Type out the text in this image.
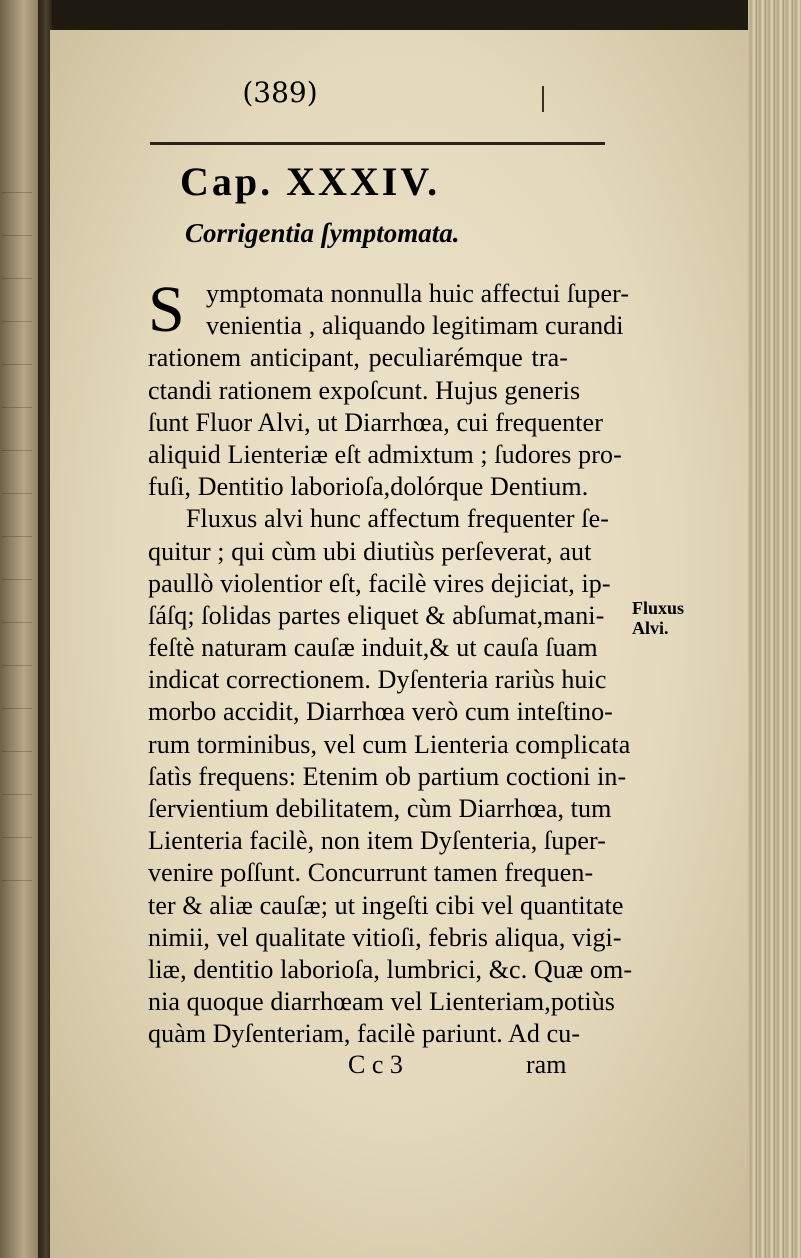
(389)
Cap. XXXIV.
Corrigentia ſymptomata.
Symptomata nonnulla huic affectui ſuper-
venientia , aliquando legitimam curandi
rationem anticipant, peculiarémque tra-
ctandi rationem expoſcunt. Hujus generis
ſunt Fluor Alvi, ut Diarrhœa, cui frequenter
aliquid Lienteriæ eſt admixtum ; ſudores pro-
fuſi, Dentitio laborioſa,dolórque Dentium.
Fluxus alvi hunc affectum frequenter ſe-
quitur ; qui cùm ubi diutiùs perſeverat, aut
paullò violentior eſt, facilè vires dejiciat, ip-
ſáſq; ſolidas partes eliquet & abſumat,mani-
feſtè naturam cauſæ induit,& ut cauſa ſuam
indicat correctionem. Dyſenteria rariùs huic
morbo accidit, Diarrhœa verò cum inteſtino-
rum torminibus, vel cum Lienteria complicata
ſatìs frequens: Etenim ob partium coctioni in-
ſervientium debilitatem, cùm Diarrhœa, tum
Lienteria facilè, non item Dyſenteria, ſuper-
venire poſſunt. Concurrunt tamen frequen-
ter & aliæ cauſæ; ut ingeſti cibi vel quantitate
nimii, vel qualitate vitioſi, febris aliqua, vigi-
liæ, dentitio laborioſa, lumbrici, &c. Quæ om-
nia quoque diarrhœam vel Lienteriam,potiùs
quàm Dyſenteriam, facilè pariunt. Ad cu-
Fluxus
Alvi.
C c 3	ram
